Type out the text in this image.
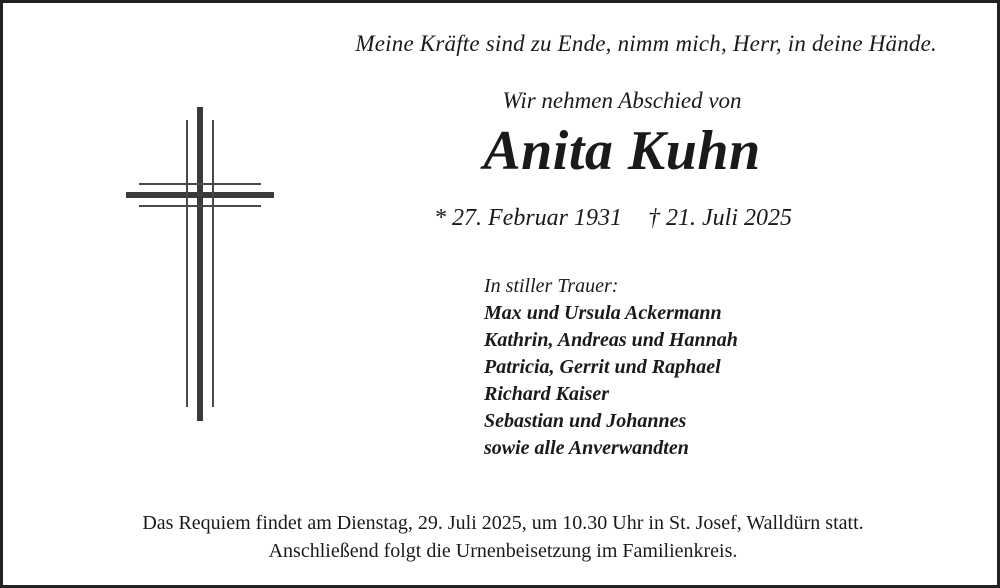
Meine Kräfte sind zu Ende, nimm mich, Herr, in deine Hände.
Wir nehmen Abschied von
Anita Kuhn
* 27. Februar 1931 † 21. Juli 2025
In stiller Trauer:
Max und Ursula Ackermann
Kathrin, Andreas und Hannah
Patricia, Gerrit und Raphael
Richard Kaiser
Sebastian und Johannes
sowie alle Anverwandten
Das Requiem findet am Dienstag, 29. Juli 2025, um 10.30 Uhr in St. Josef, Walldürn statt.
Anschließend folgt die Urnenbeisetzung im Familienkreis.
